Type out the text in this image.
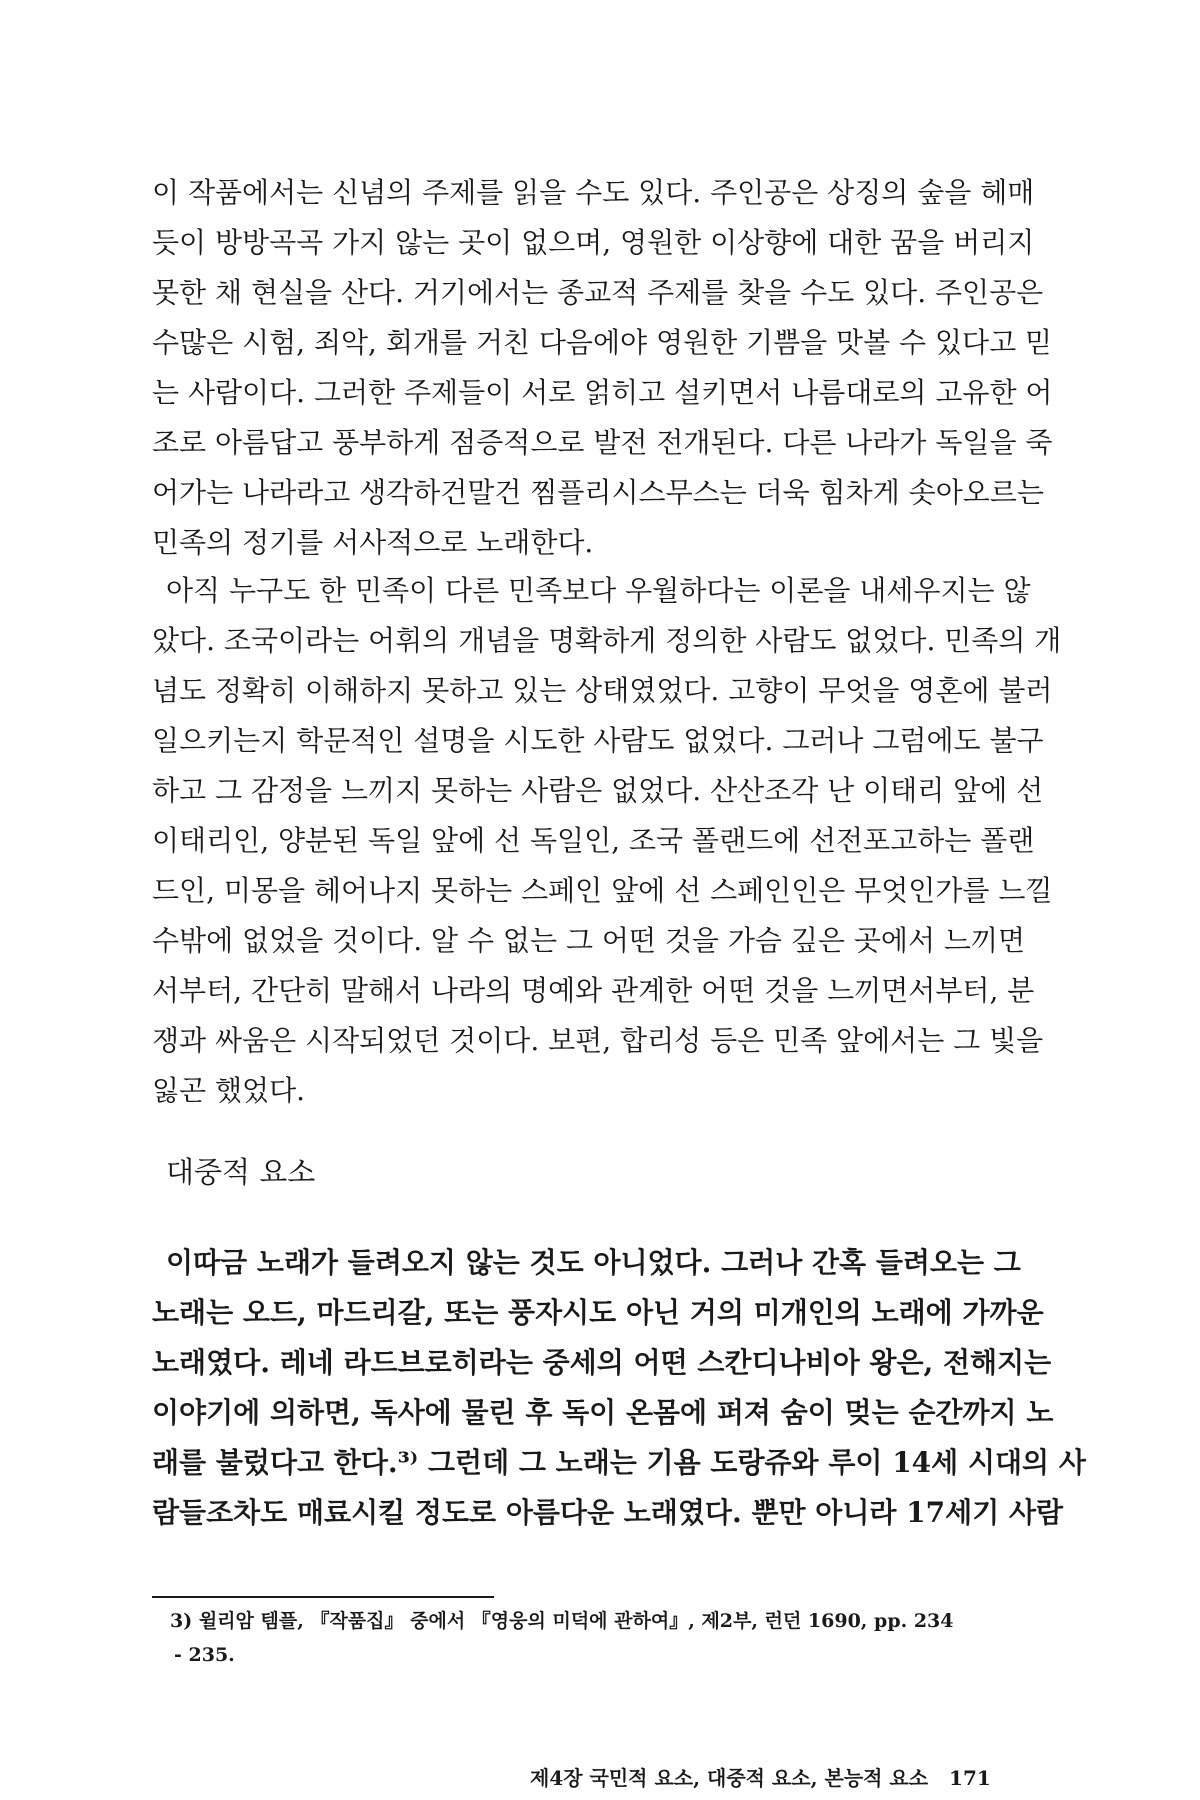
이 작품에서는 신념의 주제를 읽을 수도 있다. 주인공은 상징의 숲을 헤매
듯이 방방곡곡 가지 않는 곳이 없으며, 영원한 이상향에 대한 꿈을 버리지
못한 채 현실을 산다. 거기에서는 종교적 주제를 찾을 수도 있다. 주인공은
수많은 시험, 죄악, 회개를 거친 다음에야 영원한 기쁨을 맛볼 수 있다고 믿
는 사람이다. 그러한 주제들이 서로 얽히고 설키면서 나름대로의 고유한 어
조로 아름답고 풍부하게 점증적으로 발전 전개된다. 다른 나라가 독일을 죽
어가는 나라라고 생각하건말건 찜플리시스무스는 더욱 힘차게 솟아오르는
민족의 정기를 서사적으로 노래한다.
아직 누구도 한 민족이 다른 민족보다 우월하다는 이론을 내세우지는 않
았다. 조국이라는 어휘의 개념을 명확하게 정의한 사람도 없었다. 민족의 개
념도 정확히 이해하지 못하고 있는 상태였었다. 고향이 무엇을 영혼에 불러
일으키는지 학문적인 설명을 시도한 사람도 없었다. 그러나 그럼에도 불구
하고 그 감정을 느끼지 못하는 사람은 없었다. 산산조각 난 이태리 앞에 선
이태리인, 양분된 독일 앞에 선 독일인, 조국 폴랜드에 선전포고하는 폴랜
드인, 미몽을 헤어나지 못하는 스페인 앞에 선 스페인인은 무엇인가를 느낄
수밖에 없었을 것이다. 알 수 없는 그 어떤 것을 가슴 깊은 곳에서 느끼면
서부터, 간단히 말해서 나라의 명예와 관계한 어떤 것을 느끼면서부터, 분
쟁과 싸움은 시작되었던 것이다. 보편, 합리성 등은 민족 앞에서는 그 빛을
잃곤 했었다.
대중적 요소
이따금 노래가 들려오지 않는 것도 아니었다. 그러나 간혹 들려오는 그
노래는 오드, 마드리갈, 또는 풍자시도 아닌 거의 미개인의 노래에 가까운
노래였다. 레네 라드브로히라는 중세의 어떤 스칸디나비아 왕은, 전해지는
이야기에 의하면, 독사에 물린 후 독이 온몸에 퍼져 숨이 멎는 순간까지 노
래를 불렀다고 한다.³⁾ 그런데 그 노래는 기욤 도랑쥬와 루이 14세 시대의 사
람들조차도 매료시킬 정도로 아름다운 노래였다. 뿐만 아니라 17세기 사람
3) 윌리암 템플, 『작품집』 중에서 『영웅의 미덕에 관하여』, 제2부, 런던 1690, pp. 234
- 235.
제4장 국민적 요소, 대중적 요소, 본능적 요소 171
